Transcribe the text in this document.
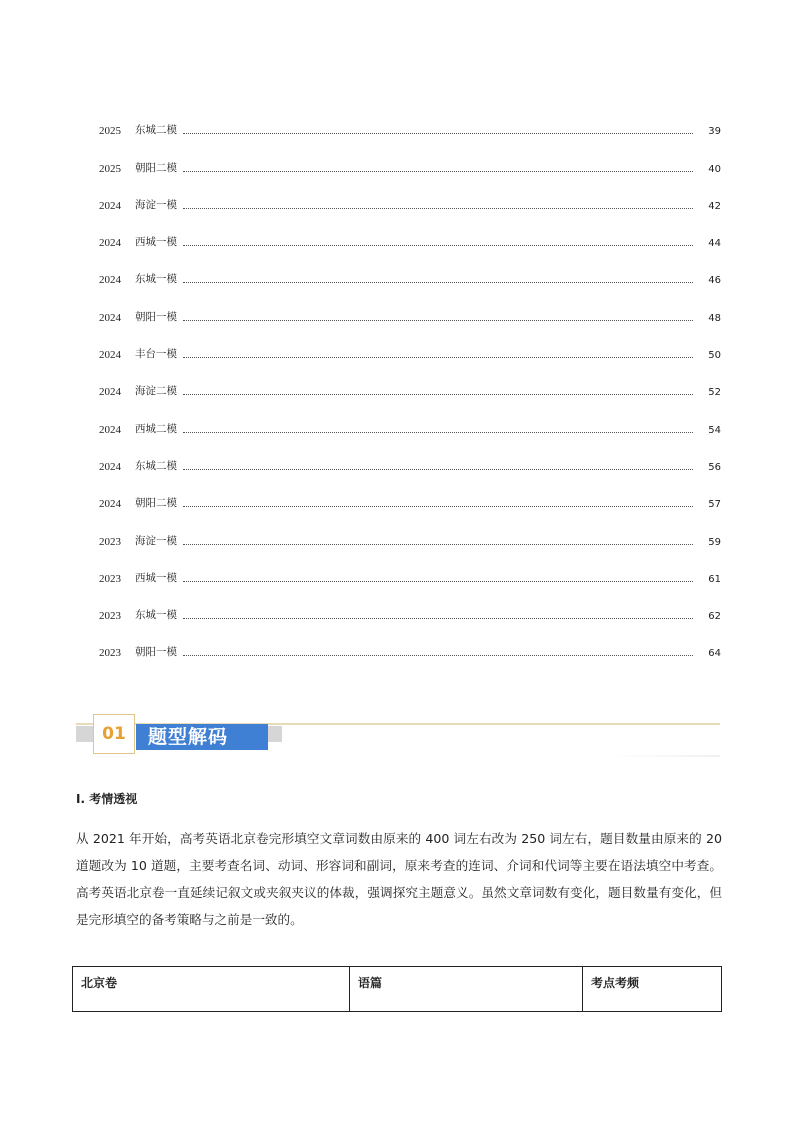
2025	东城二模	39
2025	朝阳二模	40
2024	海淀一模	42
2024	西城一模	44
2024	东城一模	46
2024	朝阳一模	48
2024	丰台一模	50
2024	海淀二模	52
2024	西城二模	54
2024	东城二模	56
2024	朝阳二模	57
2023	海淀一模	59
2023	西城一模	61
2023	东城一模	62
2023	朝阳一模	64
题型解码
01
I. 考情透视

从 2021 年开始，高考英语北京卷完形填空文章词数由原来的 400 词左右改为 250 词左右，题目数量由原来的 20 道题改为 10 道题，主要考查名词、动词、形容词和副词，原来考查的连词、介词和代词等主要在语法填空中考查。高考英语北京卷一直延续记叙文或夹叙夹议的体裁，强调探究主题意义。虽然文章词数有变化，题目数量有变化，但是完形填空的备考策略与之前是一致的。

北京卷	语篇	考点考频
